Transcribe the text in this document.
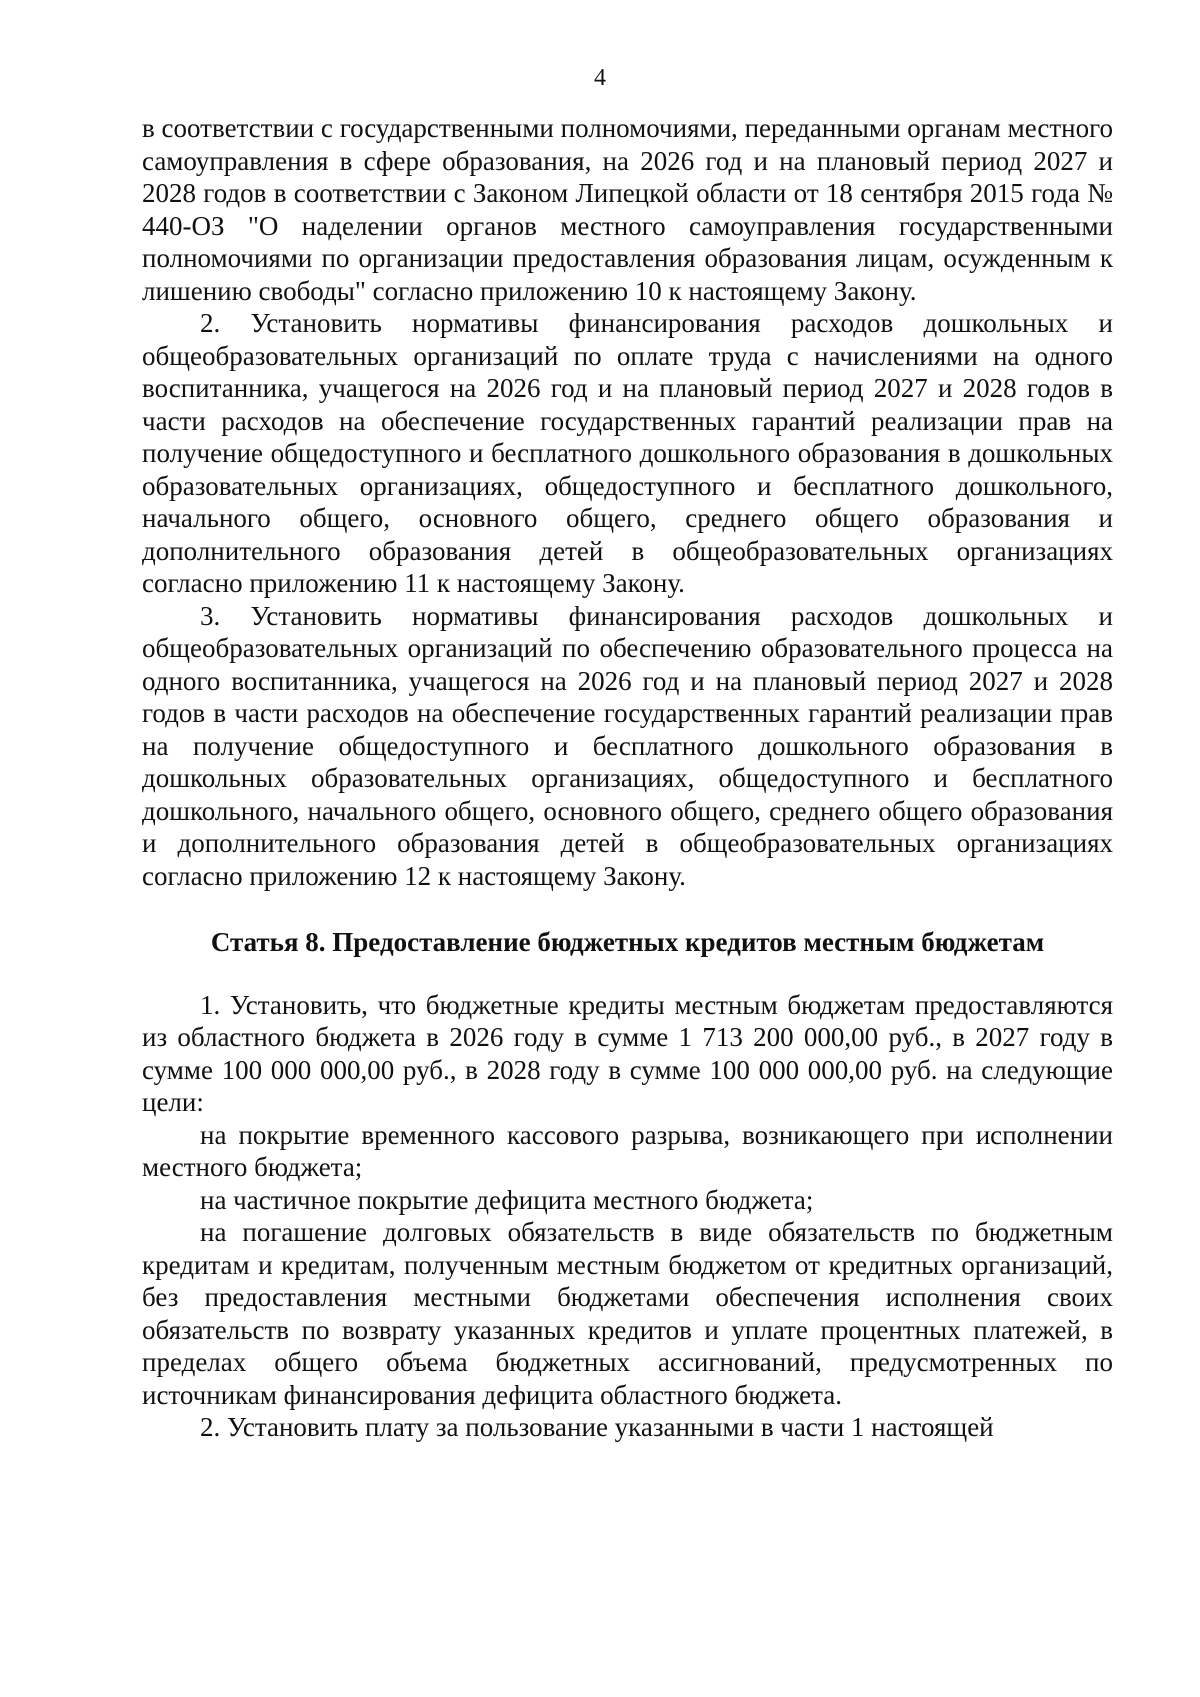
4

в соответствии с государственными полномочиями, переданными органам местного самоуправления в сфере образования, на 2026 год и на плановый период 2027 и 2028 годов в соответствии с Законом Липецкой области от 18 сентября 2015 года № 440-ОЗ "О наделении органов местного самоуправления государственными полномочиями по организации предоставления образования лицам, осужденным к лишению свободы" согласно приложению 10 к настоящему Закону.

2. Установить нормативы финансирования расходов дошкольных и общеобразовательных организаций по оплате труда с начислениями на одного воспитанника, учащегося на 2026 год и на плановый период 2027 и 2028 годов в части расходов на обеспечение государственных гарантий реализации прав на получение общедоступного и бесплатного дошкольного образования в дошкольных образовательных организациях, общедоступного и бесплатного дошкольного, начального общего, основного общего, среднего общего образования и дополнительного образования детей в общеобразовательных организациях согласно приложению 11 к настоящему Закону.

3. Установить нормативы финансирования расходов дошкольных и общеобразовательных организаций по обеспечению образовательного процесса на одного воспитанника, учащегося на 2026 год и на плановый период 2027 и 2028 годов в части расходов на обеспечение государственных гарантий реализации прав на получение общедоступного и бесплатного дошкольного образования в дошкольных образовательных организациях, общедоступного и бесплатного дошкольного, начального общего, основного общего, среднего общего образования и дополнительного образования детей в общеобразовательных организациях согласно приложению 12 к настоящему Закону.

Статья 8. Предоставление бюджетных кредитов местным бюджетам

1. Установить, что бюджетные кредиты местным бюджетам предоставляются из областного бюджета в 2026 году в сумме 1 713 200 000,00 руб., в 2027 году в сумме 100 000 000,00 руб., в 2028 году в сумме 100 000 000,00 руб. на следующие цели:

на покрытие временного кассового разрыва, возникающего при исполнении местного бюджета;

на частичное покрытие дефицита местного бюджета;

на погашение долговых обязательств в виде обязательств по бюджетным кредитам и кредитам, полученным местным бюджетом от кредитных организаций, без предоставления местными бюджетами обеспечения исполнения своих обязательств по возврату указанных кредитов и уплате процентных платежей, в пределах общего объема бюджетных ассигнований, предусмотренных по источникам финансирования дефицита областного бюджета.

2. Установить плату за пользование указанными в части 1 настоящей
